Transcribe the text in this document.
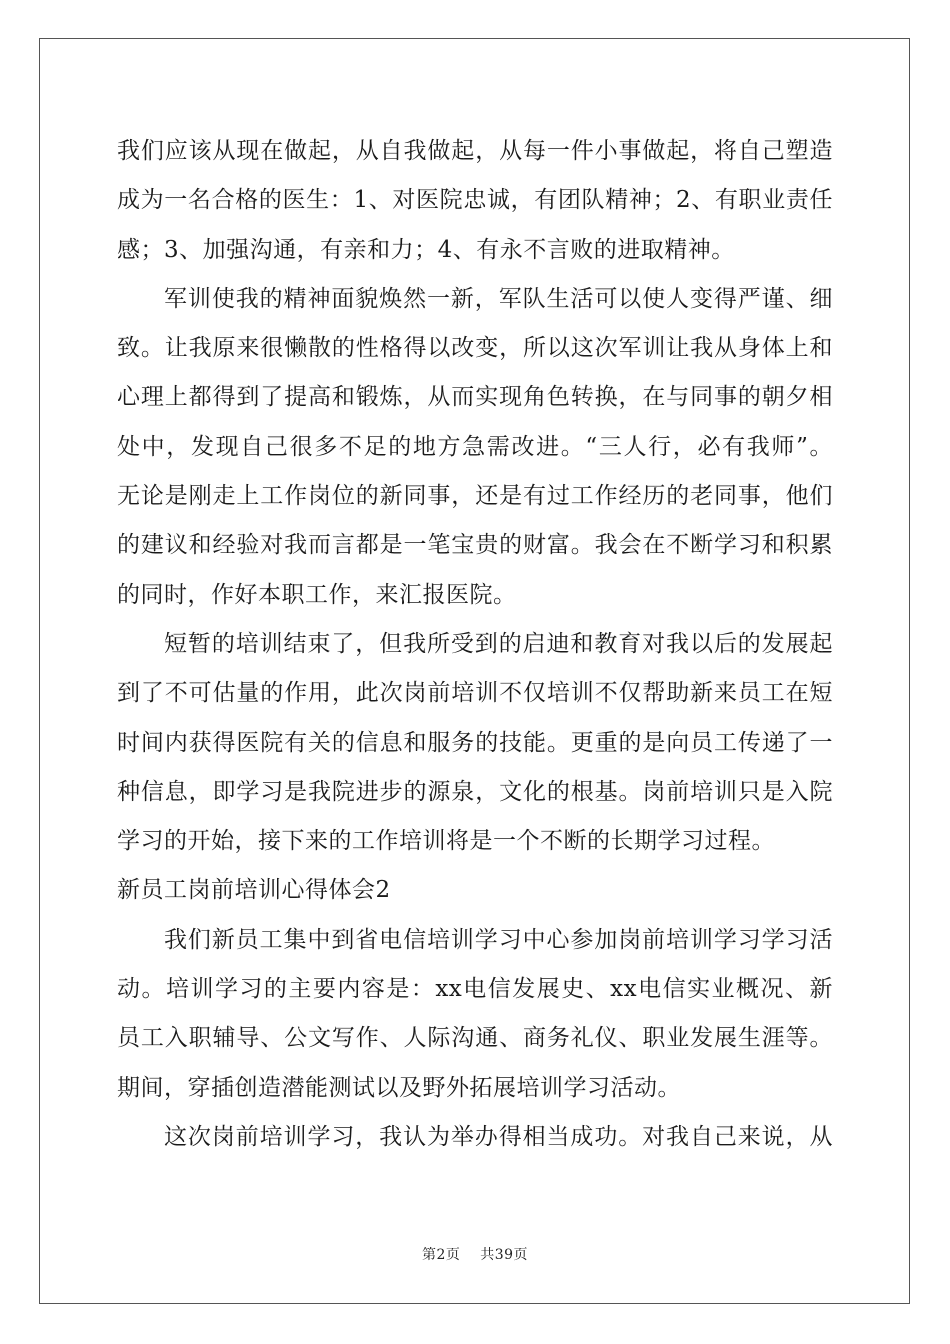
我们应该从现在做起，从自我做起，从每一件小事做起，将自己塑造
成为一名合格的医生：1、对医院忠诚，有团队精神；2、有职业责任
感；3、加强沟通，有亲和力；4、有永不言败的进取精神。
军训使我的精神面貌焕然一新，军队生活可以使人变得严谨、细
致。让我原来很懒散的性格得以改变，所以这次军训让我从身体上和
心理上都得到了提高和锻炼，从而实现角色转换，在与同事的朝夕相
处中，发现自己很多不足的地方急需改进。“三人行，必有我师”。
无论是刚走上工作岗位的新同事，还是有过工作经历的老同事，他们
的建议和经验对我而言都是一笔宝贵的财富。我会在不断学习和积累
的同时，作好本职工作，来汇报医院。
短暂的培训结束了，但我所受到的启迪和教育对我以后的发展起
到了不可估量的作用，此次岗前培训不仅培训不仅帮助新来员工在短
时间内获得医院有关的信息和服务的技能。更重的是向员工传递了一
种信息，即学习是我院进步的源泉，文化的根基。岗前培训只是入院
学习的开始，接下来的工作培训将是一个不断的长期学习过程。
新员工岗前培训心得体会2
我们新员工集中到省电信培训学习中心参加岗前培训学习学习活
动。培训学习的主要内容是：xx电信发展史、xx电信实业概况、新
员工入职辅导、公文写作、人际沟通、商务礼仪、职业发展生涯等。
期间，穿插创造潜能测试以及野外拓展培训学习活动。
这次岗前培训学习，我认为举办得相当成功。对我自己来说，从
第2页 共39页
